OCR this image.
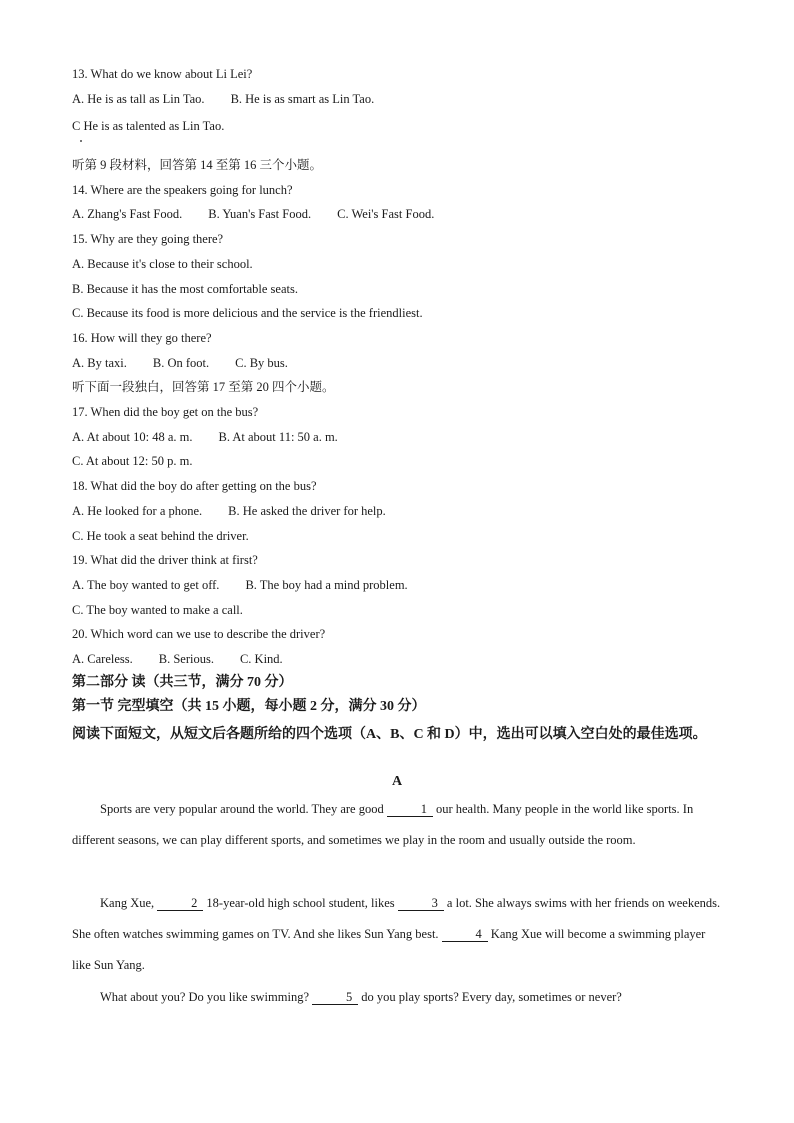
13. What do we know about Li Lei?
A. He is as tall as Lin Tao. B. He is as smart as Lin Tao.
C He is as talented as Lin Tao.
听第 9 段材料，回答第 14 至第 16 三个小题。
14. Where are the speakers going for lunch?
A. Zhang's Fast Food. B. Yuan's Fast Food. C. Wei's Fast Food.
15. Why are they going there?
A. Because it's close to their school.
B. Because it has the most comfortable seats.
C. Because its food is more delicious and the service is the friendliest.
16. How will they go there?
A. By taxi. B. On foot. C. By bus.
听下面一段独白，回答第 17 至第 20 四个小题。
17. When did the boy get on the bus?
A. At about 10: 48 a. m. B. At about 11: 50 a. m.
C. At about 12: 50 p. m.
18. What did the boy do after getting on the bus?
A. He looked for a phone. B. He asked the driver for help.
C. He took a seat behind the driver.
19. What did the driver think at first?
A. The boy wanted to get off. B. The boy had a mind problem.
C. The boy wanted to make a call.
20. Which word can we use to describe the driver?
A. Careless. B. Serious. C. Kind.
第二部分 读（共三节，满分 70 分）
第一节 完型填空（共 15 小题，每小题 2 分，满分 30 分）
阅读下面短文，从短文后各题所给的四个选项（A、B、C 和 D）中，选出可以填入空白处的最佳选项。
A
Sports are very popular around the world. They are good	1 our health. Many people in the world like sports. In different seasons, we can play different sports, and sometimes we play in the room and usually outside the room.
Kang Xue,	2 18-year-old high school student, likes	3 a lot. She always swims with her friends on weekends. She often watches swimming games on TV. And she likes Sun Yang best.	4 Kang Xue will become a swimming player like Sun Yang.
What about you? Do you like swimming?	5 do you play sports? Every day, sometimes or never?
